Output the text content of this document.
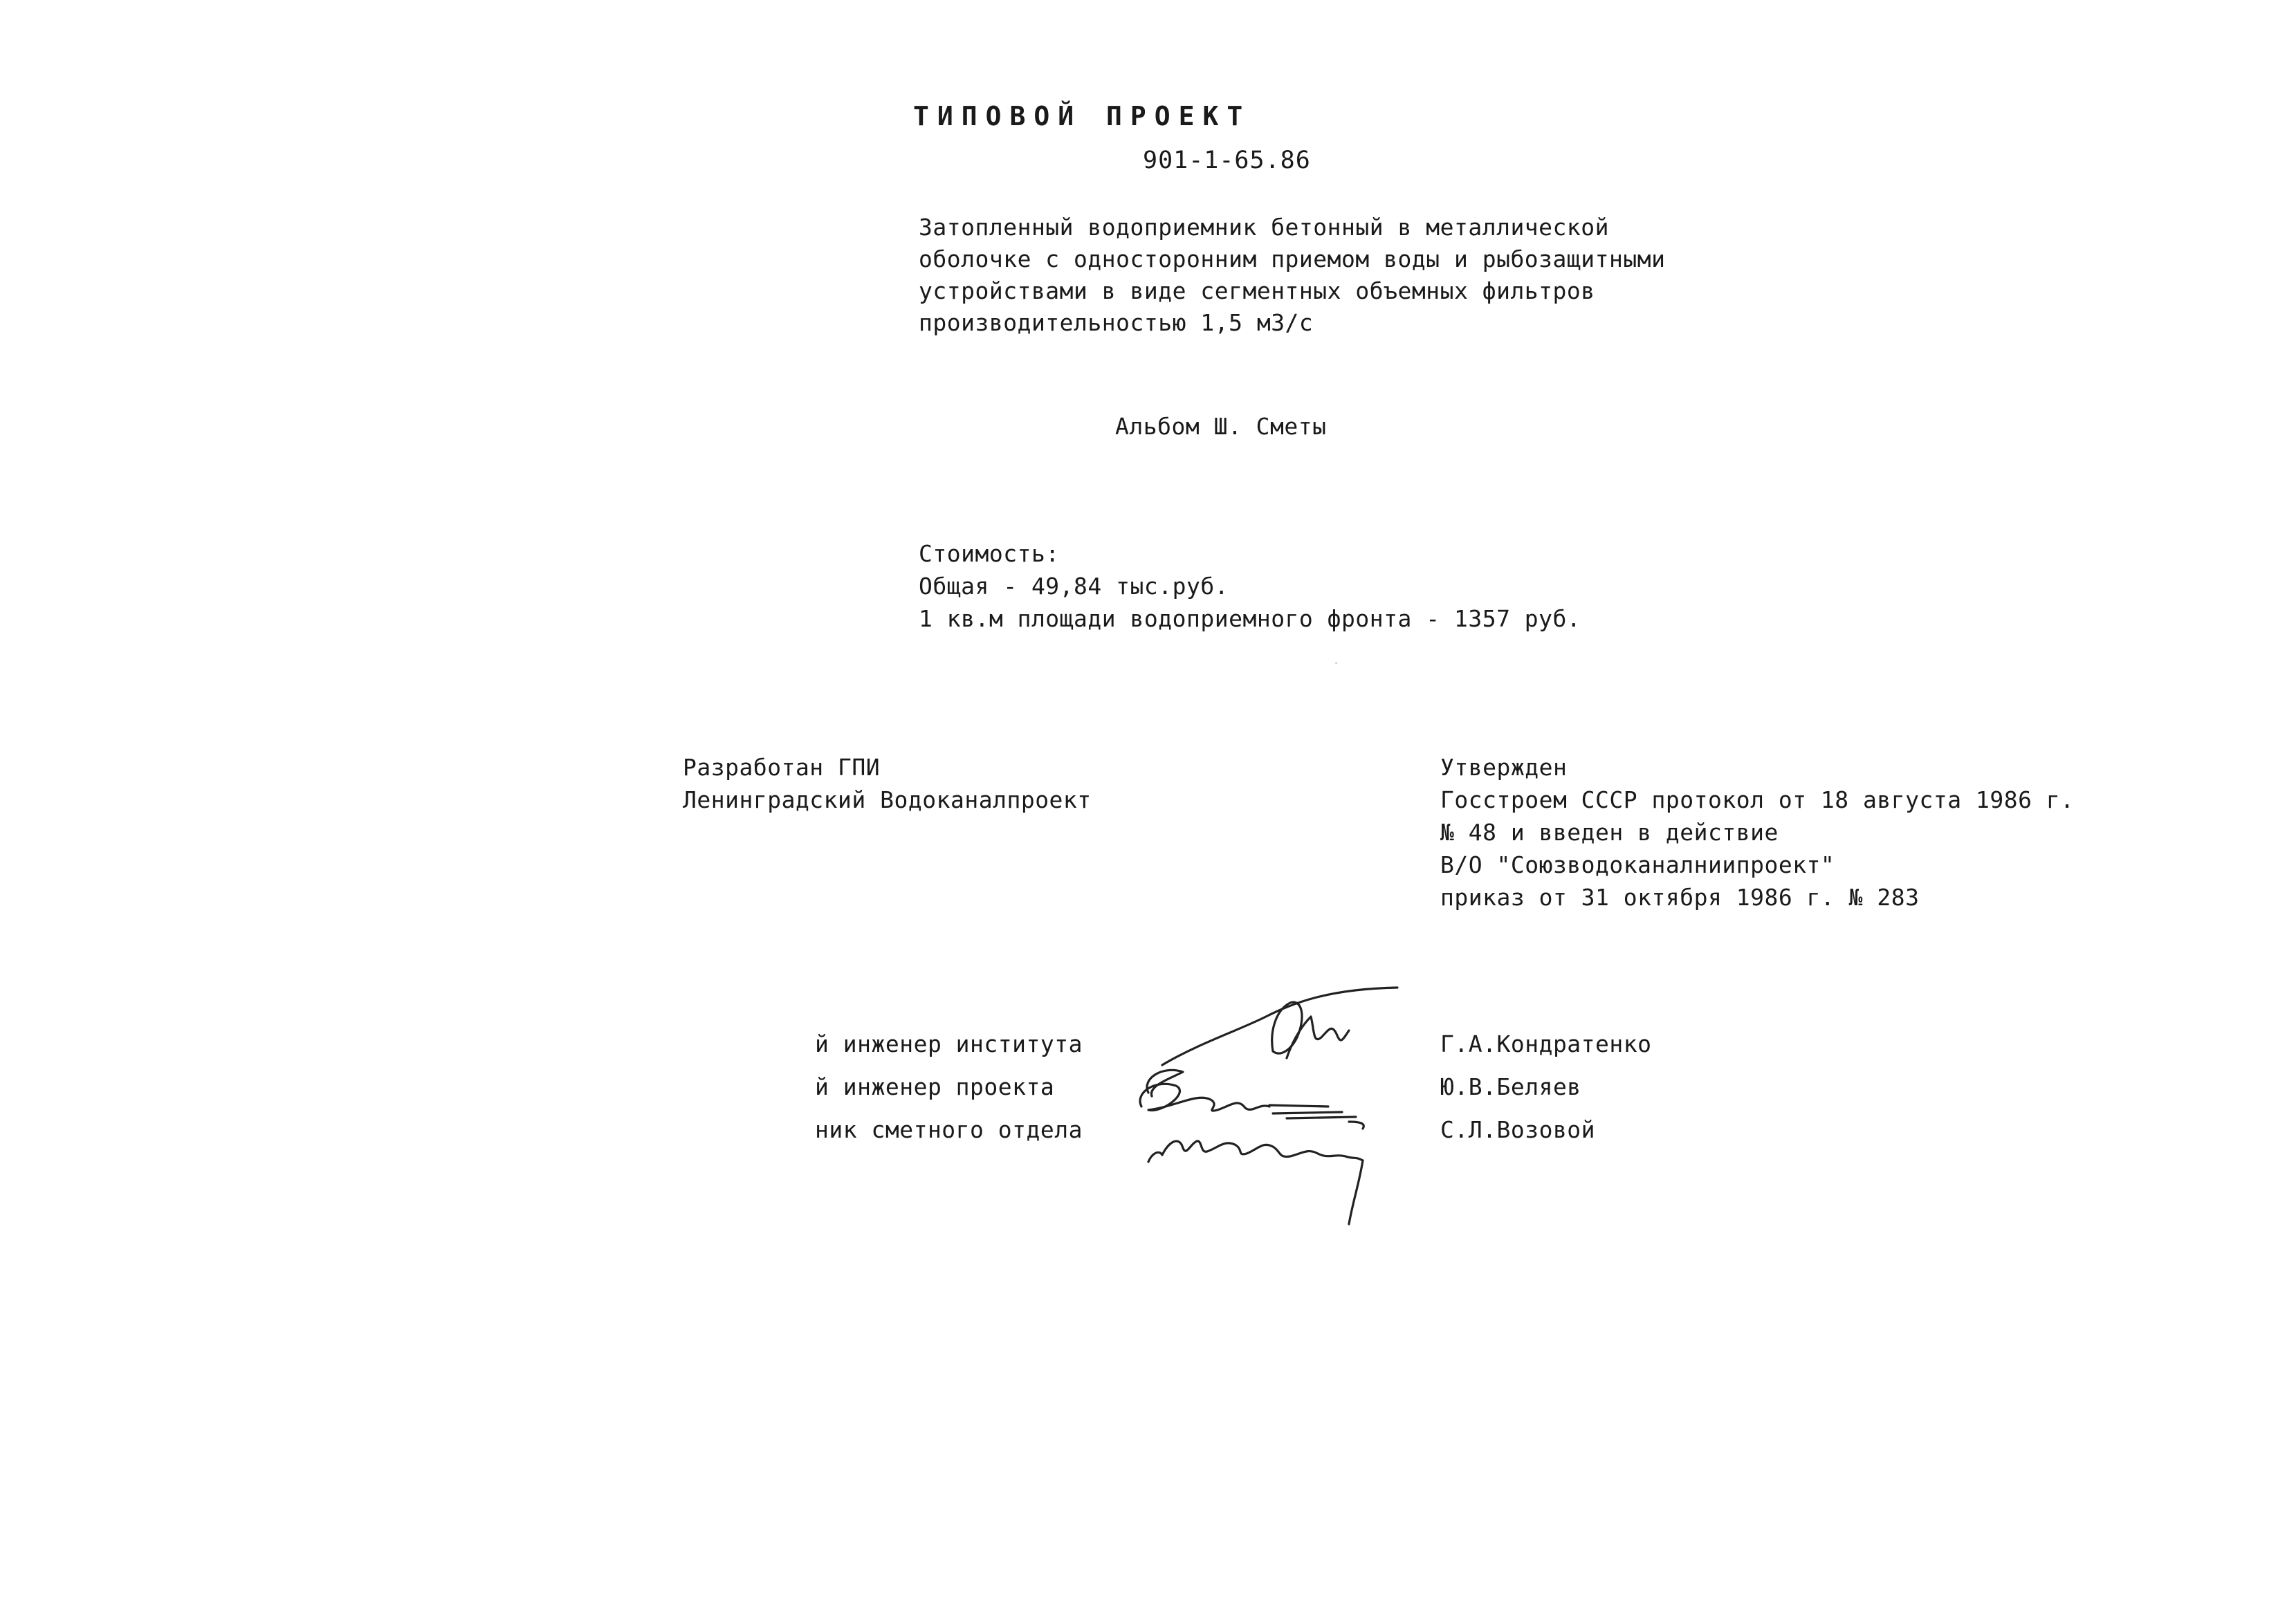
ТИПОВОЙ ПРОЕКТ
901-1-65.86
Затопленный водоприемник бетонный в металлической
оболочке с односторонним приемом воды и рыбозащитными
устройствами в виде сегментных объемных фильтров
производительностью 1,5 м3/с
Альбом Ш. Сметы
Стоимость:
Общая - 49,84 тыс.руб.
1 кв.м площади водоприемного фронта - 1357 руб.
Разработан ГПИ
Ленинградский Водоканалпроект
Утвержден
Госстроем СССР протокол от 18 августа 1986 г.
№ 48 и введен в действие
В/О "Союзводоканалниипроект"
приказ от 31 октября 1986 г. № 283
й инженер института
й инженер проекта
ник сметного отдела
Г.А.Кондратенко
Ю.В.Беляев
С.Л.Возовой
